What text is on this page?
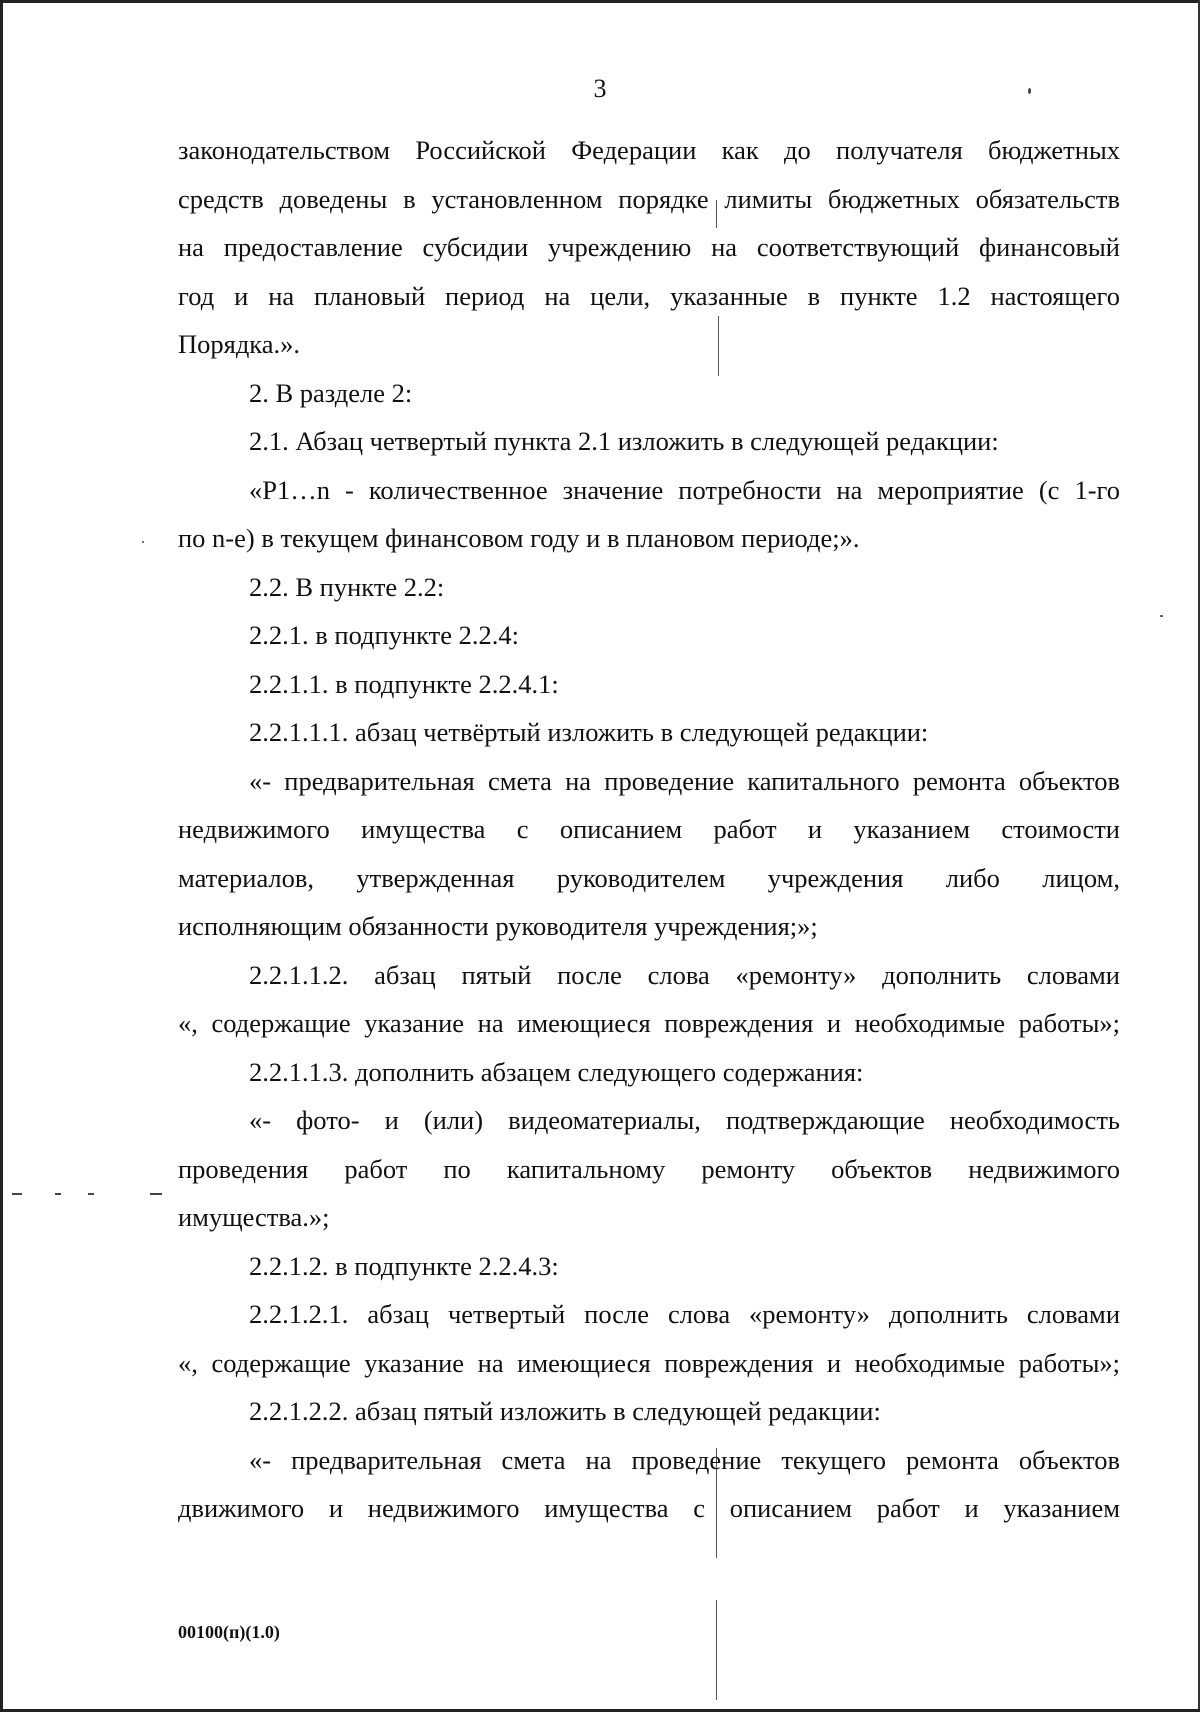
3
законодательством Российской Федерации как до получателя бюджетных
средств доведены в установленном порядке лимиты бюджетных обязательств
на предоставление субсидии учреждению на соответствующий финансовый
год и на плановый период на цели, указанные в пункте 1.2 настоящего
Порядка.».
2. В разделе 2:
2.1. Абзац четвертый пункта 2.1 изложить в следующей редакции:
«P1…n - количественное значение потребности на мероприятие (с 1-го
по n-e) в текущем финансовом году и в плановом периоде;».
2.2. В пункте 2.2:
2.2.1. в подпункте 2.2.4:
2.2.1.1. в подпункте 2.2.4.1:
2.2.1.1.1. абзац четвёртый изложить в следующей редакции:
«- предварительная смета на проведение капитального ремонта объектов
недвижимого имущества с описанием работ и указанием стоимости
материалов, утвержденная руководителем учреждения либо лицом,
исполняющим обязанности руководителя учреждения;»;
2.2.1.1.2. абзац пятый после слова «ремонту» дополнить словами
«, содержащие указание на имеющиеся повреждения и необходимые работы»;
2.2.1.1.3. дополнить абзацем следующего содержания:
«- фото- и (или) видеоматериалы, подтверждающие необходимость
проведения работ по капитальному ремонту объектов недвижимого
имущества.»;
2.2.1.2. в подпункте 2.2.4.3:
2.2.1.2.1. абзац четвертый после слова «ремонту» дополнить словами
«, содержащие указание на имеющиеся повреждения и необходимые работы»;
2.2.1.2.2. абзац пятый изложить в следующей редакции:
«- предварительная смета на проведение текущего ремонта объектов
движимого и недвижимого имущества с описанием работ и указанием
00100(п)(1.0)
